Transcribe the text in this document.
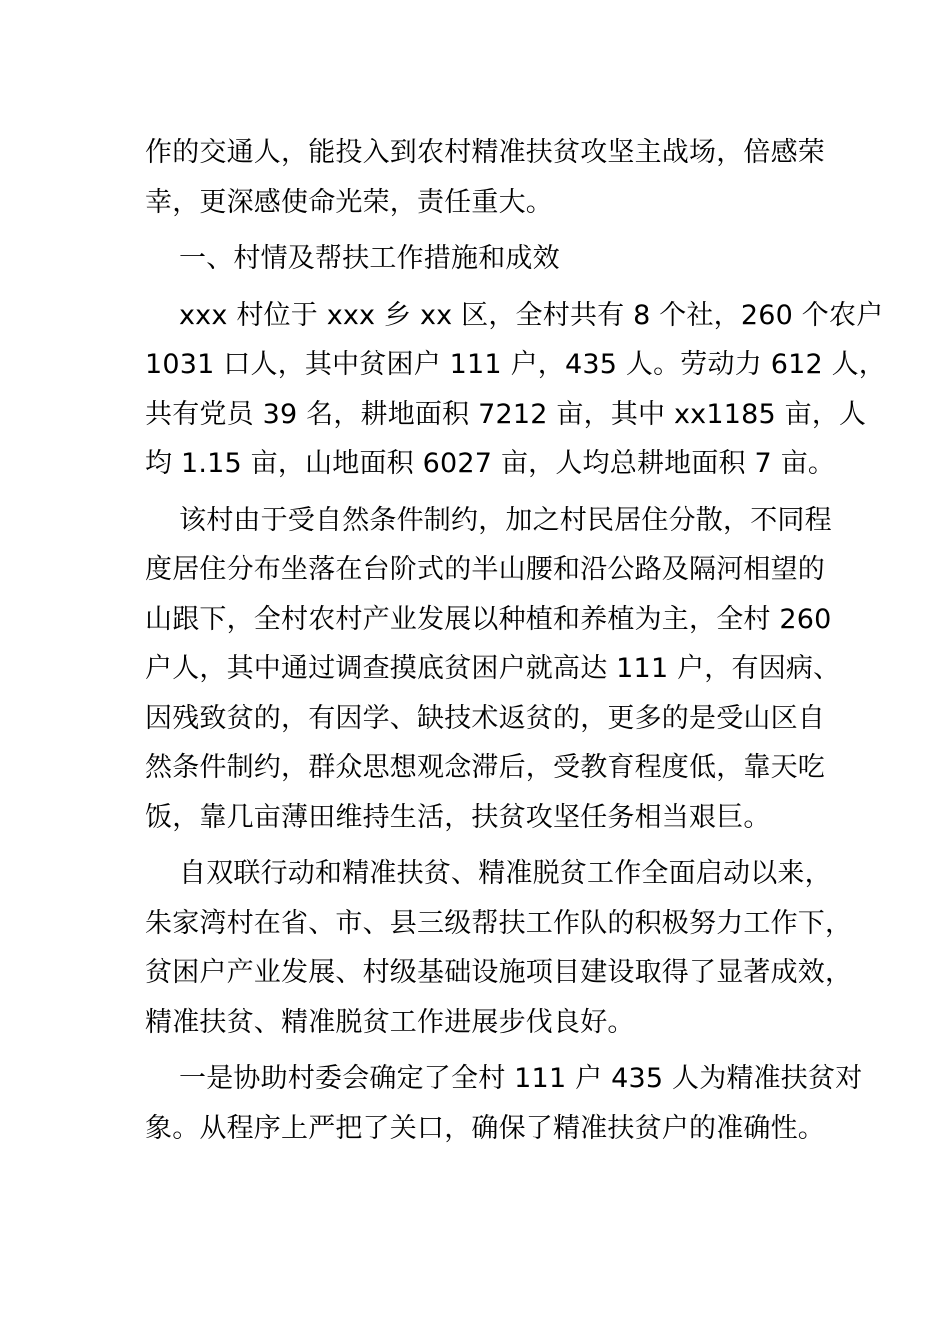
作的交通人，能投入到农村精准扶贫攻坚主战场，倍感荣
幸，更深感使命光荣，责任重大。
一、村情及帮扶工作措施和成效
xxx 村位于 xxx 乡 xx 区，全村共有 8 个社，260 个农户
1031 口人，其中贫困户 111 户，435 人。劳动力 612 人，
共有党员 39 名，耕地面积 7212 亩，其中 xx1185 亩，人
均 1.15 亩，山地面积 6027 亩，人均总耕地面积 7 亩。
该村由于受自然条件制约，加之村民居住分散，不同程
度居住分布坐落在台阶式的半山腰和沿公路及隔河相望的
山跟下，全村农村产业发展以种植和养植为主，全村 260
户人，其中通过调查摸底贫困户就高达 111 户，有因病、
因残致贫的，有因学、缺技术返贫的，更多的是受山区自
然条件制约，群众思想观念滞后，受教育程度低，靠天吃
饭，靠几亩薄田维持生活，扶贫攻坚任务相当艰巨。
自双联行动和精准扶贫、精准脱贫工作全面启动以来，
朱家湾村在省、市、县三级帮扶工作队的积极努力工作下，
贫困户产业发展、村级基础设施项目建设取得了显著成效，
精准扶贫、精准脱贫工作进展步伐良好。
一是协助村委会确定了全村 111 户 435 人为精准扶贫对
象。从程序上严把了关口，确保了精准扶贫户的准确性。
